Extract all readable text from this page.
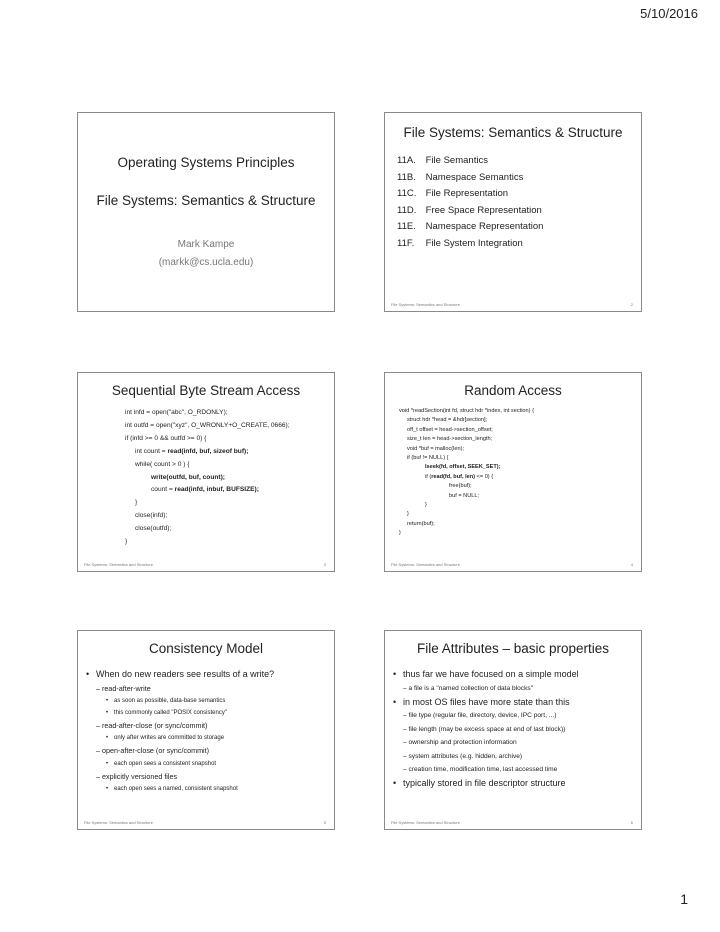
5/10/2016
Operating Systems Principles
File Systems: Semantics & Structure
Mark Kampe
(markk@cs.ucla.edu)
File Systems: Semantics & Structure
11A. File Semantics
11B. Namespace Semantics
11C. File Representation
11D. Free Space Representation
11E. Namespace Representation
11F. File System Integration
File Systems: Semantics and Structure	2
Sequential Byte Stream Access
int infd = open("abc", O_RDONLY);
int outfd = open("xyz", O_WRONLY+O_CREATE, 0666);
if (infd >= 0 && outfd >= 0) {
int count = read(infd, buf, sizeof buf);
while( count > 0 ) {
write(outfd, buf, count);
count = read(infd, inbuf, BUFSIZE);
}
close(infd);
close(outfd);
}
File Systems: Semantics and Structure	3
Random Access
void *readSection(int fd, struct hdr *index, int section) {
struct hdr *head = &hdr[section];
off_t offset = head->section_offset;
size_t len = head->section_length;
void *buf = malloc(len);
if (buf != NULL) {
lseek(fd, offset, SEEK_SET);
if (read(fd, buf, len) <= 0) {
free(buf);
buf = NULL;
}
}
return(buf);
}
File Systems: Semantics and Structure	4
Consistency Model
• When do new readers see results of a write?
– read-after-write
• as soon as possible, data-base semantics
• this commonly called "POSIX consistency"
– read-after-close (or sync/commit)
• only after writes are committed to storage
– open-after-close (or sync/commit)
• each open sees a consistent snapshot
– explicitly versioned files
• each open sees a named, consistent snapshot
File Systems: Semantics and Structure	5
File Attributes – basic properties
• thus far we have focused on a simple model
– a file is a "named collection of data blocks"
• in most OS files have more state than this
– file type (regular file, directory, device, IPC port, ...)
– file length (may be excess space at end of last block))
– ownership and protection information
– system attributes (e.g. hidden, archive)
– creation time, modification time, last accessed time
• typically stored in file descriptor structure
File Systems: Semantics and Structure	6
1
